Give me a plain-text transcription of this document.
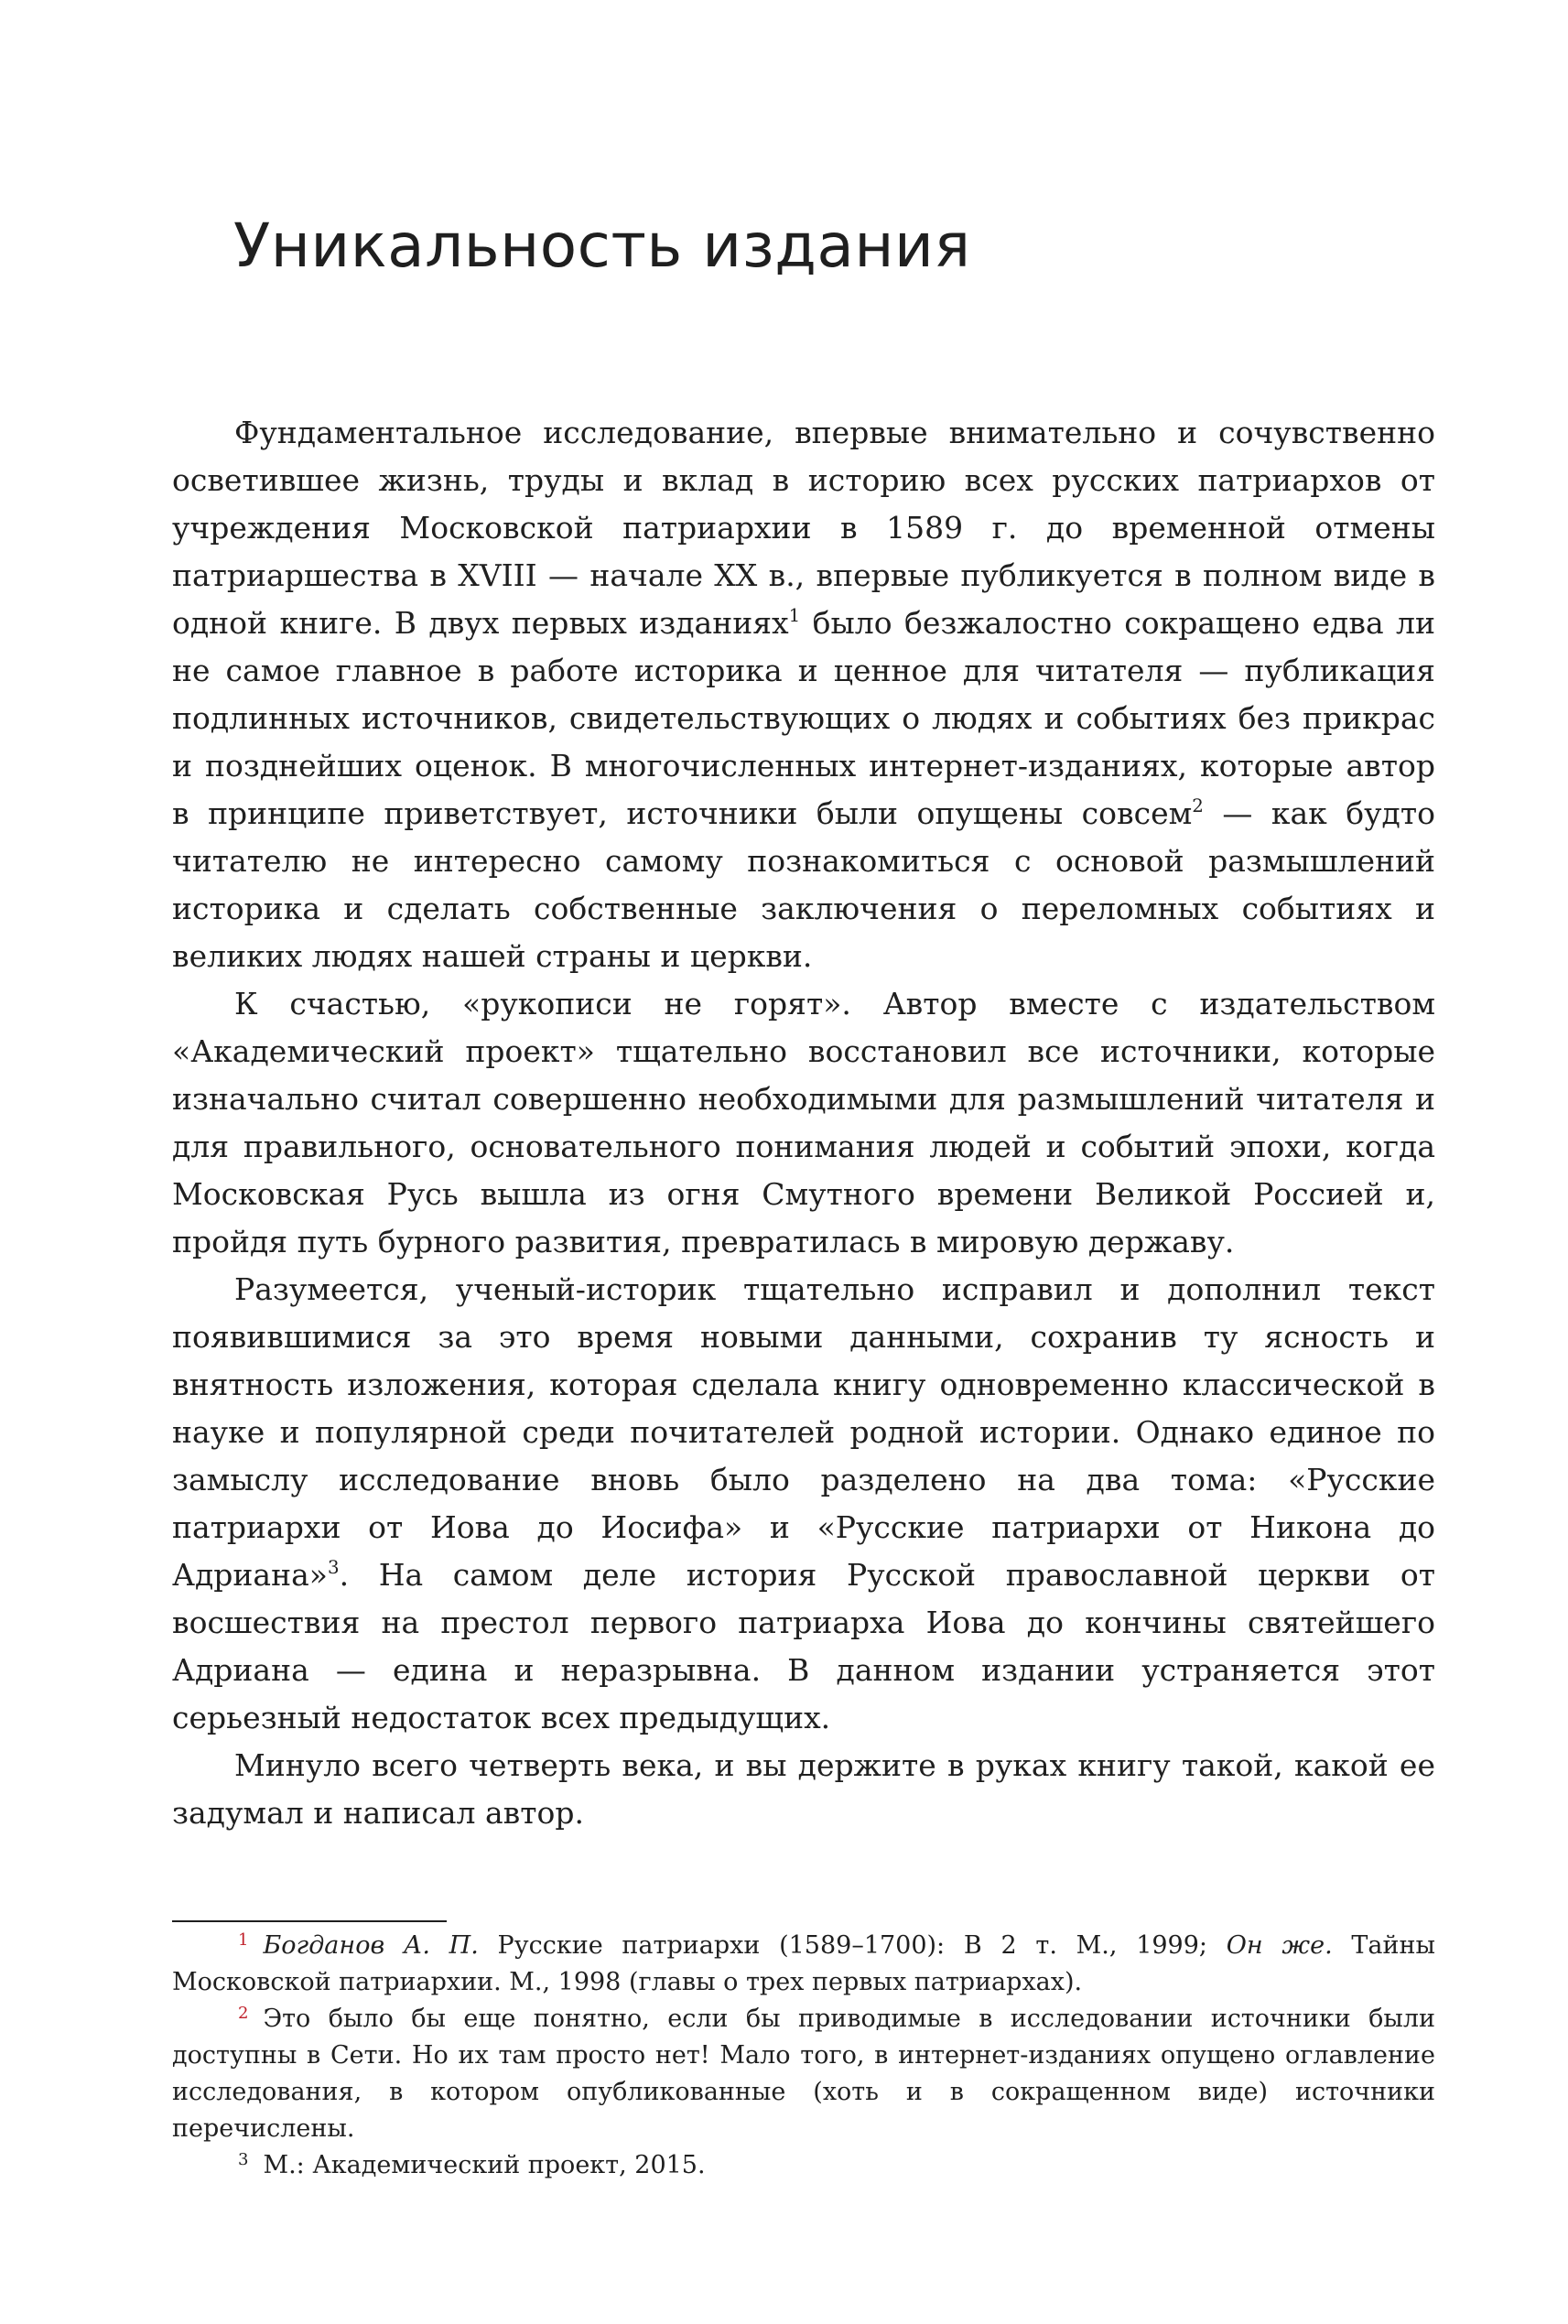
Уникальность издания

Фундаментальное исследование, впервые внимательно и сочувственно осветившее жизнь, труды и вклад в историю всех русских патриархов от учреждения Московской патриархии в 1589 г. до временной отмены патриаршества в XVIII — начале XX в., впервые публикуется в полном виде в одной книге. В двух первых изданиях$^1$ было безжалостно сокращено едва ли не самое главное в работе историка и ценное для читателя — публикация подлинных источников, свидетельствующих о людях и событиях без прикрас и позднейших оценок. В многочисленных интернет-изданиях, которые автор в принципе приветствует, источники были опущены совсем$^2$ — как будто читателю не интересно самому познакомиться с основой размышлений историка и сделать собственные заключения о переломных событиях и великих людях нашей страны и церкви.

К счастью, «рукописи не горят». Автор вместе с издательством «Академический проект» тщательно восстановил все источники, которые изначально считал совершенно необходимыми для размышлений читателя и для правильного, основательного понимания людей и событий эпохи, когда Московская Русь вышла из огня Смутного времени Великой Россией и, пройдя путь бурного развития, превратилась в мировую державу.

Разумеется, ученый-историк тщательно исправил и дополнил текст появившимися за это время новыми данными, сохранив ту ясность и внятность изложения, которая сделала книгу одновременно классической в науке и популярной среди почитателей родной истории. Однако единое по замыслу исследование вновь было разделено на два тома: «Русские патриархи от Иова до Иосифа» и «Русские патриархи от Никона до Адриана»$^3$. На самом деле история Русской православной церкви от восшествия на престол первого патриарха Иова до кончины святейшего Адриана — едина и неразрывна. В данном издании устраняется этот серьезный недостаток всех предыдущих.

Минуло всего четверть века, и вы держите в руках книгу такой, какой ее задумал и написал автор.

$^1$ Богданов А. П. Русские патриархи (1589–1700): В 2 т. М., 1999; Он же. Тайны Московской патриархии. М., 1998 (главы о трех первых патриархах).

$^2$ Это было бы еще понятно, если бы приводимые в исследовании источники были доступны в Сети. Но их там просто нет! Мало того, в интернет-изданиях опущено оглавление исследования, в котором опубликованные (хоть и в сокращенном виде) источники перечислены.

$^3$ М.: Академический проект, 2015.
